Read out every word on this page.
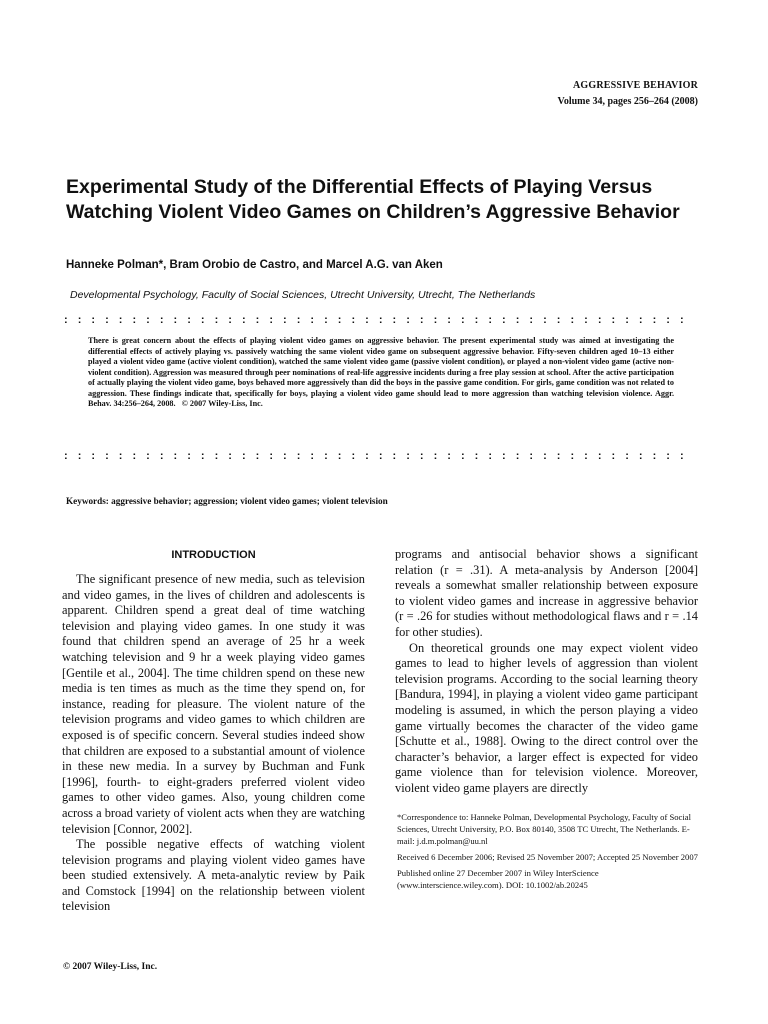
AGGRESSIVE BEHAVIOR
Volume 34, pages 256–264 (2008)
Experimental Study of the Differential Effects of Playing Versus Watching Violent Video Games on Children’s Aggressive Behavior

Hanneke Polman*, Bram Orobio de Castro, and Marcel A.G. van Aken

Developmental Psychology, Faculty of Social Sciences, Utrecht University, Utrecht, The Netherlands

: : : : : : : : : : : : : : : : : : : : : : : : : : : : : : : : : : : : : : : : : : : : : :

There is great concern about the effects of playing violent video games on aggressive behavior. The present experimental study was aimed at investigating the differential effects of actively playing vs. passively watching the same violent video game on subsequent aggressive behavior. Fifty-seven children aged 10–13 either played a violent video game (active violent condition), watched the same violent video game (passive violent condition), or played a non-violent video game (active non-violent condition). Aggression was measured through peer nominations of real-life aggressive incidents during a free play session at school. After the active participation of actually playing the violent video game, boys behaved more aggressively than did the boys in the passive game condition. For girls, game condition was not related to aggression. These findings indicate that, specifically for boys, playing a violent video game should lead to more aggression than watching television violence. Aggr. Behav. 34:256–264, 2008. © 2007 Wiley-Liss, Inc.

: : : : : : : : : : : : : : : : : : : : : : : : : : : : : : : : : : : : : : : : : : : : : :

Keywords: aggressive behavior; aggression; violent video games; violent television

INTRODUCTION

The significant presence of new media, such as television and video games, in the lives of children and adolescents is apparent. Children spend a great deal of time watching television and playing video games. In one study it was found that children spend an average of 25 hr a week watching television and 9 hr a week playing video games [Gentile et al., 2004]. The time children spend on these new media is ten times as much as the time they spend on, for instance, reading for pleasure. The violent nature of the television programs and video games to which children are exposed is of specific concern. Several studies indeed show that children are exposed to a substantial amount of violence in these new media. In a survey by Buchman and Funk [1996], fourth- to eight-graders preferred violent video games to other video games. Also, young children come across a broad variety of violent acts when they are watching television [Connor, 2002].

The possible negative effects of watching violent television programs and playing violent video games have been studied extensively. A meta-analytic review by Paik and Comstock [1994] on the relationship between violent television

programs and antisocial behavior shows a significant relation (r = .31). A meta-analysis by Anderson [2004] reveals a somewhat smaller relationship between exposure to violent video games and increase in aggressive behavior (r = .26 for studies without methodological flaws and r = .14 for other studies).

On theoretical grounds one may expect violent video games to lead to higher levels of aggression than violent television programs. According to the social learning theory [Bandura, 1994], in playing a violent video game participant modeling is assumed, in which the person playing a video game virtually becomes the character of the video game [Schutte et al., 1988]. Owing to the direct control over the character’s behavior, a larger effect is expected for video game violence than for television violence. Moreover, violent video game players are directly

*Correspondence to: Hanneke Polman, Developmental Psychology, Faculty of Social Sciences, Utrecht University, P.O. Box 80140, 3508 TC Utrecht, The Netherlands. E-mail: j.d.m.polman@uu.nl

Received 6 December 2006; Revised 25 November 2007; Accepted 25 November 2007

Published online 27 December 2007 in Wiley InterScience (www.interscience.wiley.com). DOI: 10.1002/ab.20245

© 2007 Wiley-Liss, Inc.
